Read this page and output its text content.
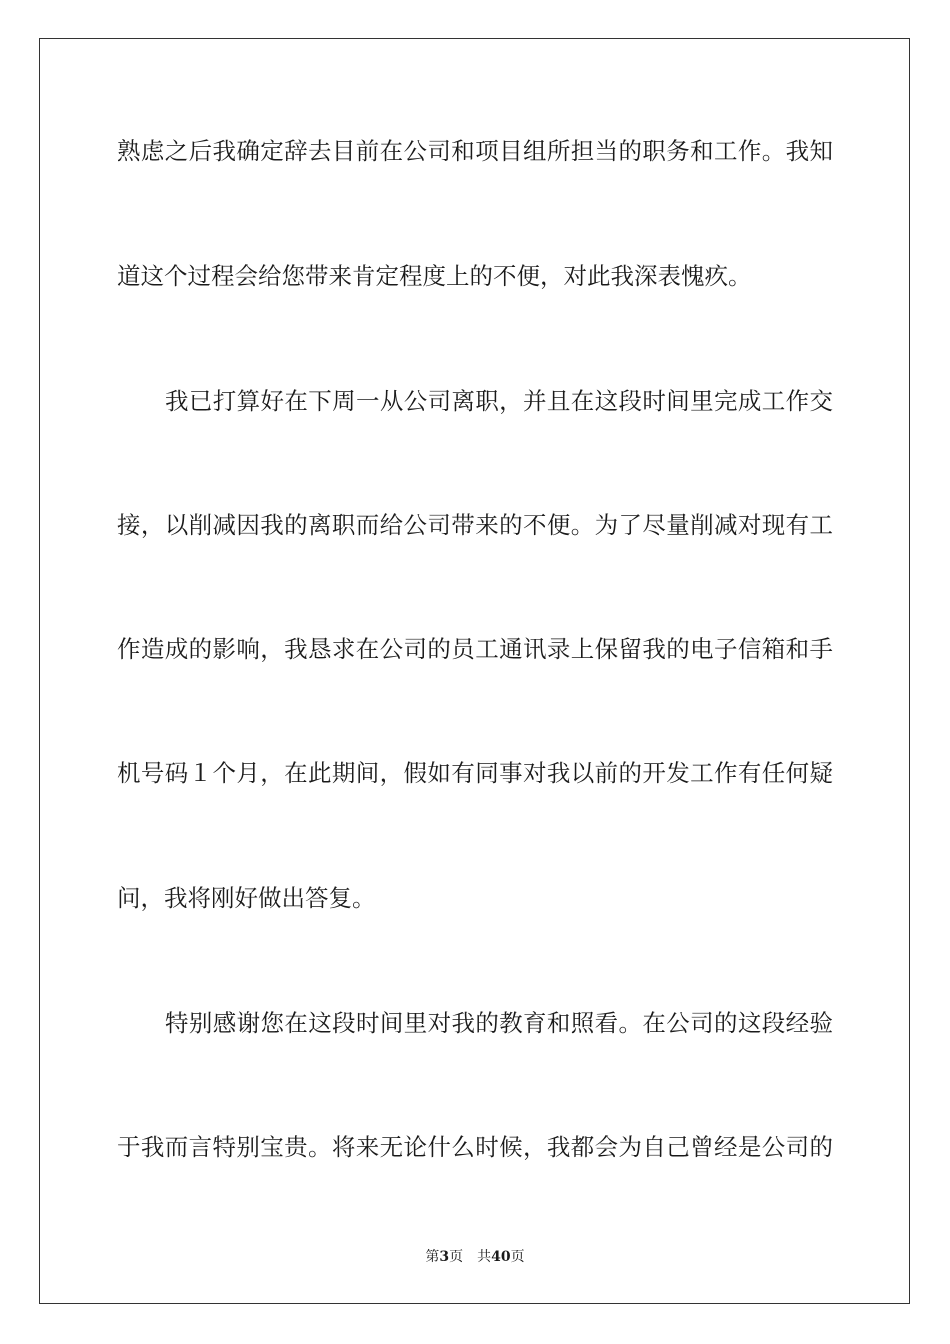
熟虑之后我确定辞去目前在公司和项目组所担当的职务和工作。我知
道这个过程会给您带来肯定程度上的不便，对此我深表愧疚。
我已打算好在下周一从公司离职，并且在这段时间里完成工作交
接，以削减因我的离职而给公司带来的不便。为了尽量削减对现有工
作造成的影响，我恳求在公司的员工通讯录上保留我的电子信箱和手
机号码１个月，在此期间，假如有同事对我以前的开发工作有任何疑
问，我将刚好做出答复。
特别感谢您在这段时间里对我的教育和照看。在公司的这段经验
于我而言特别宝贵。将来无论什么时候，我都会为自己曾经是公司的
第3页 共40页
